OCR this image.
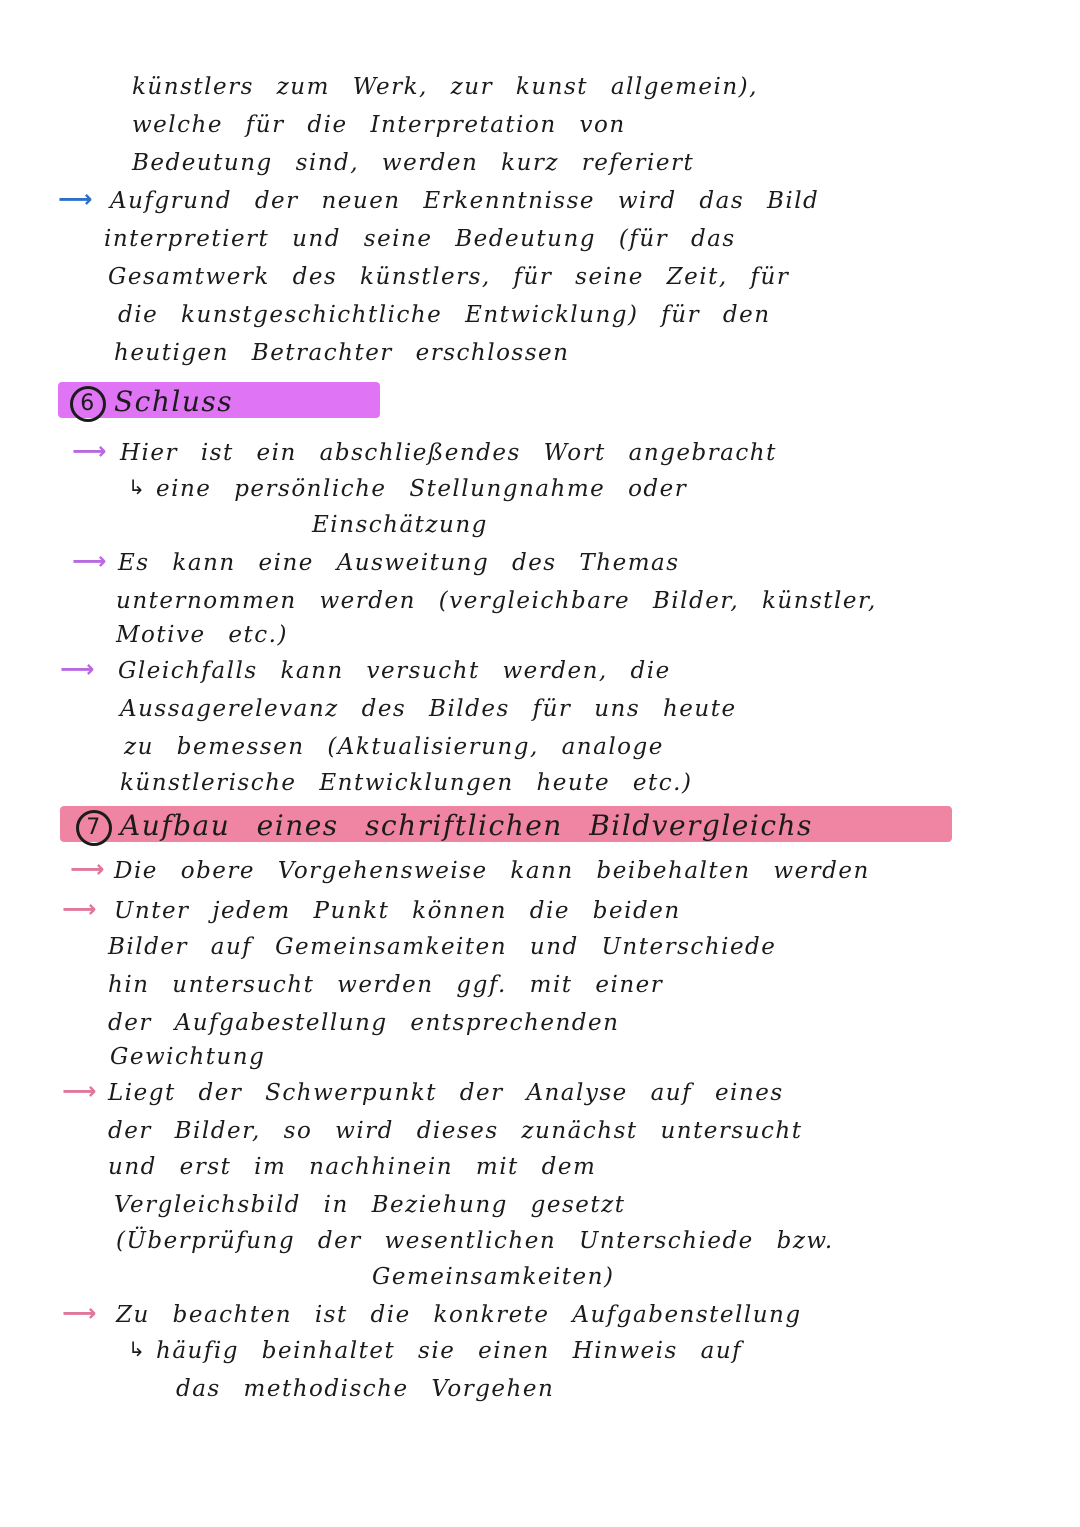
künstlers zum Werk, zur kunst allgemein),
welche für die Interpretation von
Bedeutung sind, werden kurz referiert
⟶ Aufgrund der neuen Erkenntnisse wird das Bild
interpretiert und seine Bedeutung (für das
Gesamtwerk des künstlers, für seine Zeit, für
die kunstgeschichtliche Entwicklung) für den
heutigen Betrachter erschlossen
6 Schluss
⟶ Hier ist ein abschließendes Wort angebracht
↳ eine persönliche Stellungnahme oder
Einschätzung
⟶ Es kann eine Ausweitung des Themas
unternommen werden (vergleichbare Bilder, künstler,
Motive etc.)
⟶ Gleichfalls kann versucht werden, die
Aussagerelevanz des Bildes für uns heute
zu bemessen (Aktualisierung, analoge
künstlerische Entwicklungen heute etc.)
7 Aufbau eines schriftlichen Bildvergleichs
⟶ Die obere Vorgehensweise kann beibehalten werden
⟶ Unter jedem Punkt können die beiden
Bilder auf Gemeinsamkeiten und Unterschiede
hin untersucht werden ggf. mit einer
der Aufgabestellung entsprechenden
Gewichtung
⟶ Liegt der Schwerpunkt der Analyse auf eines
der Bilder, so wird dieses zunächst untersucht
und erst im nachhinein mit dem
Vergleichsbild in Beziehung gesetzt
(Überprüfung der wesentlichen Unterschiede bzw.
Gemeinsamkeiten)
⟶ Zu beachten ist die konkrete Aufgabenstellung
↳ häufig beinhaltet sie einen Hinweis auf
das methodische Vorgehen
